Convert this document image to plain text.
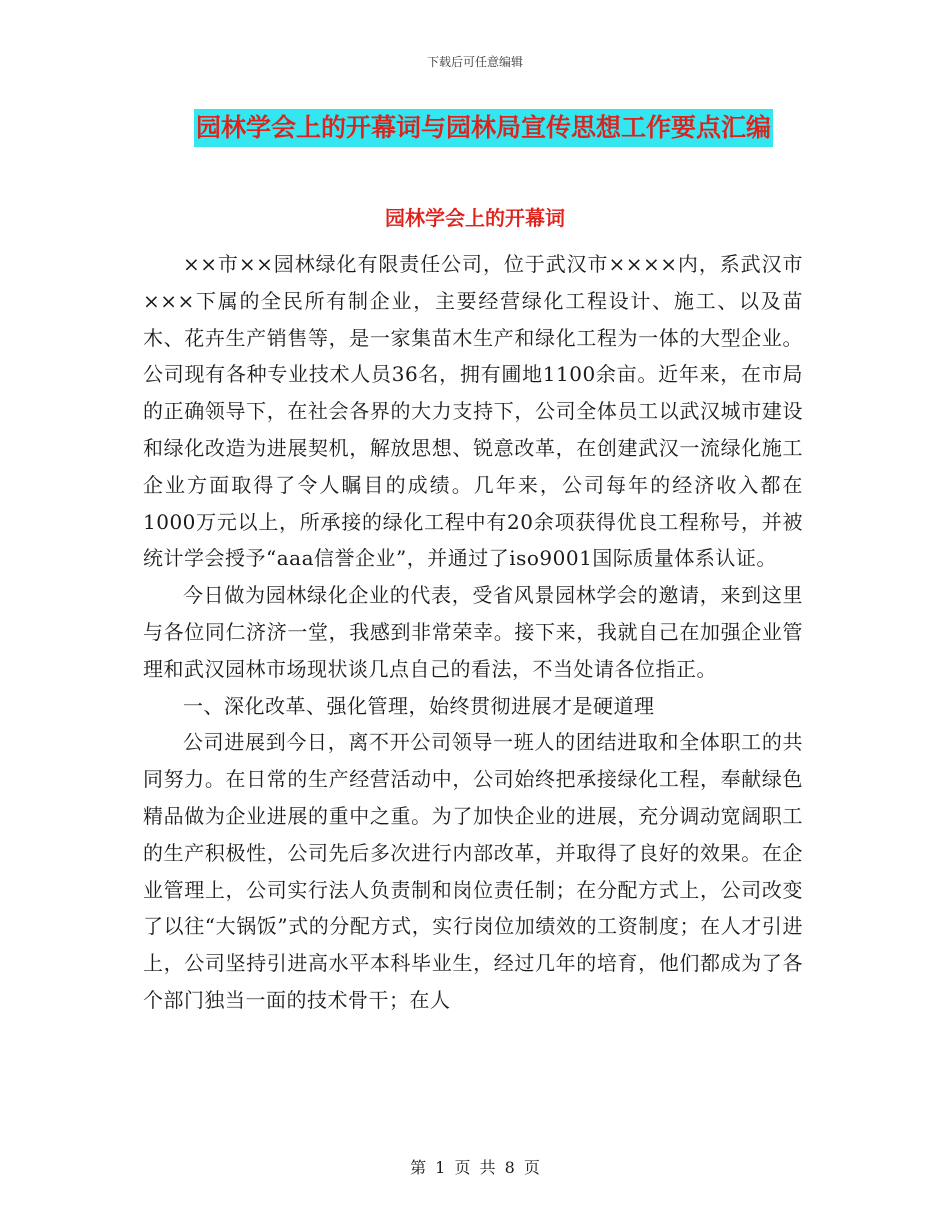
下载后可任意编辑
园林学会上的开幕词与园林局宣传思想工作要点汇编
园林学会上的开幕词

××市××园林绿化有限责任公司，位于武汉市××××内，系武汉市×××下属的全民所有制企业，主要经营绿化工程设计、施工、以及苗木、花卉生产销售等，是一家集苗木生产和绿化工程为一体的大型企业。公司现有各种专业技术人员36名，拥有圃地1100余亩。近年来，在市局的正确领导下，在社会各界的大力支持下，公司全体员工以武汉城市建设和绿化改造为进展契机，解放思想、锐意改革，在创建武汉一流绿化施工企业方面取得了令人瞩目的成绩。几年来，公司每年的经济收入都在1000万元以上，所承接的绿化工程中有20余项获得优良工程称号，并被统计学会授予“aaa信誉企业”，并通过了iso9001国际质量体系认证。

今日做为园林绿化企业的代表，受省风景园林学会的邀请，来到这里与各位同仁济济一堂，我感到非常荣幸。接下来，我就自己在加强企业管理和武汉园林市场现状谈几点自己的看法，不当处请各位指正。

一、深化改革、强化管理，始终贯彻进展才是硬道理

公司进展到今日，离不开公司领导一班人的团结进取和全体职工的共同努力。在日常的生产经营活动中，公司始终把承接绿化工程，奉献绿色精品做为企业进展的重中之重。为了加快企业的进展，充分调动宽阔职工的生产积极性，公司先后多次进行内部改革，并取得了良好的效果。在企业管理上，公司实行法人负责制和岗位责任制；在分配方式上，公司改变了以往“大锅饭”式的分配方式，实行岗位加绩效的工资制度；在人才引进上，公司坚持引进高水平本科毕业生，经过几年的培育，他们都成为了各个部门独当一面的技术骨干；在人

第 1 页 共 8 页
